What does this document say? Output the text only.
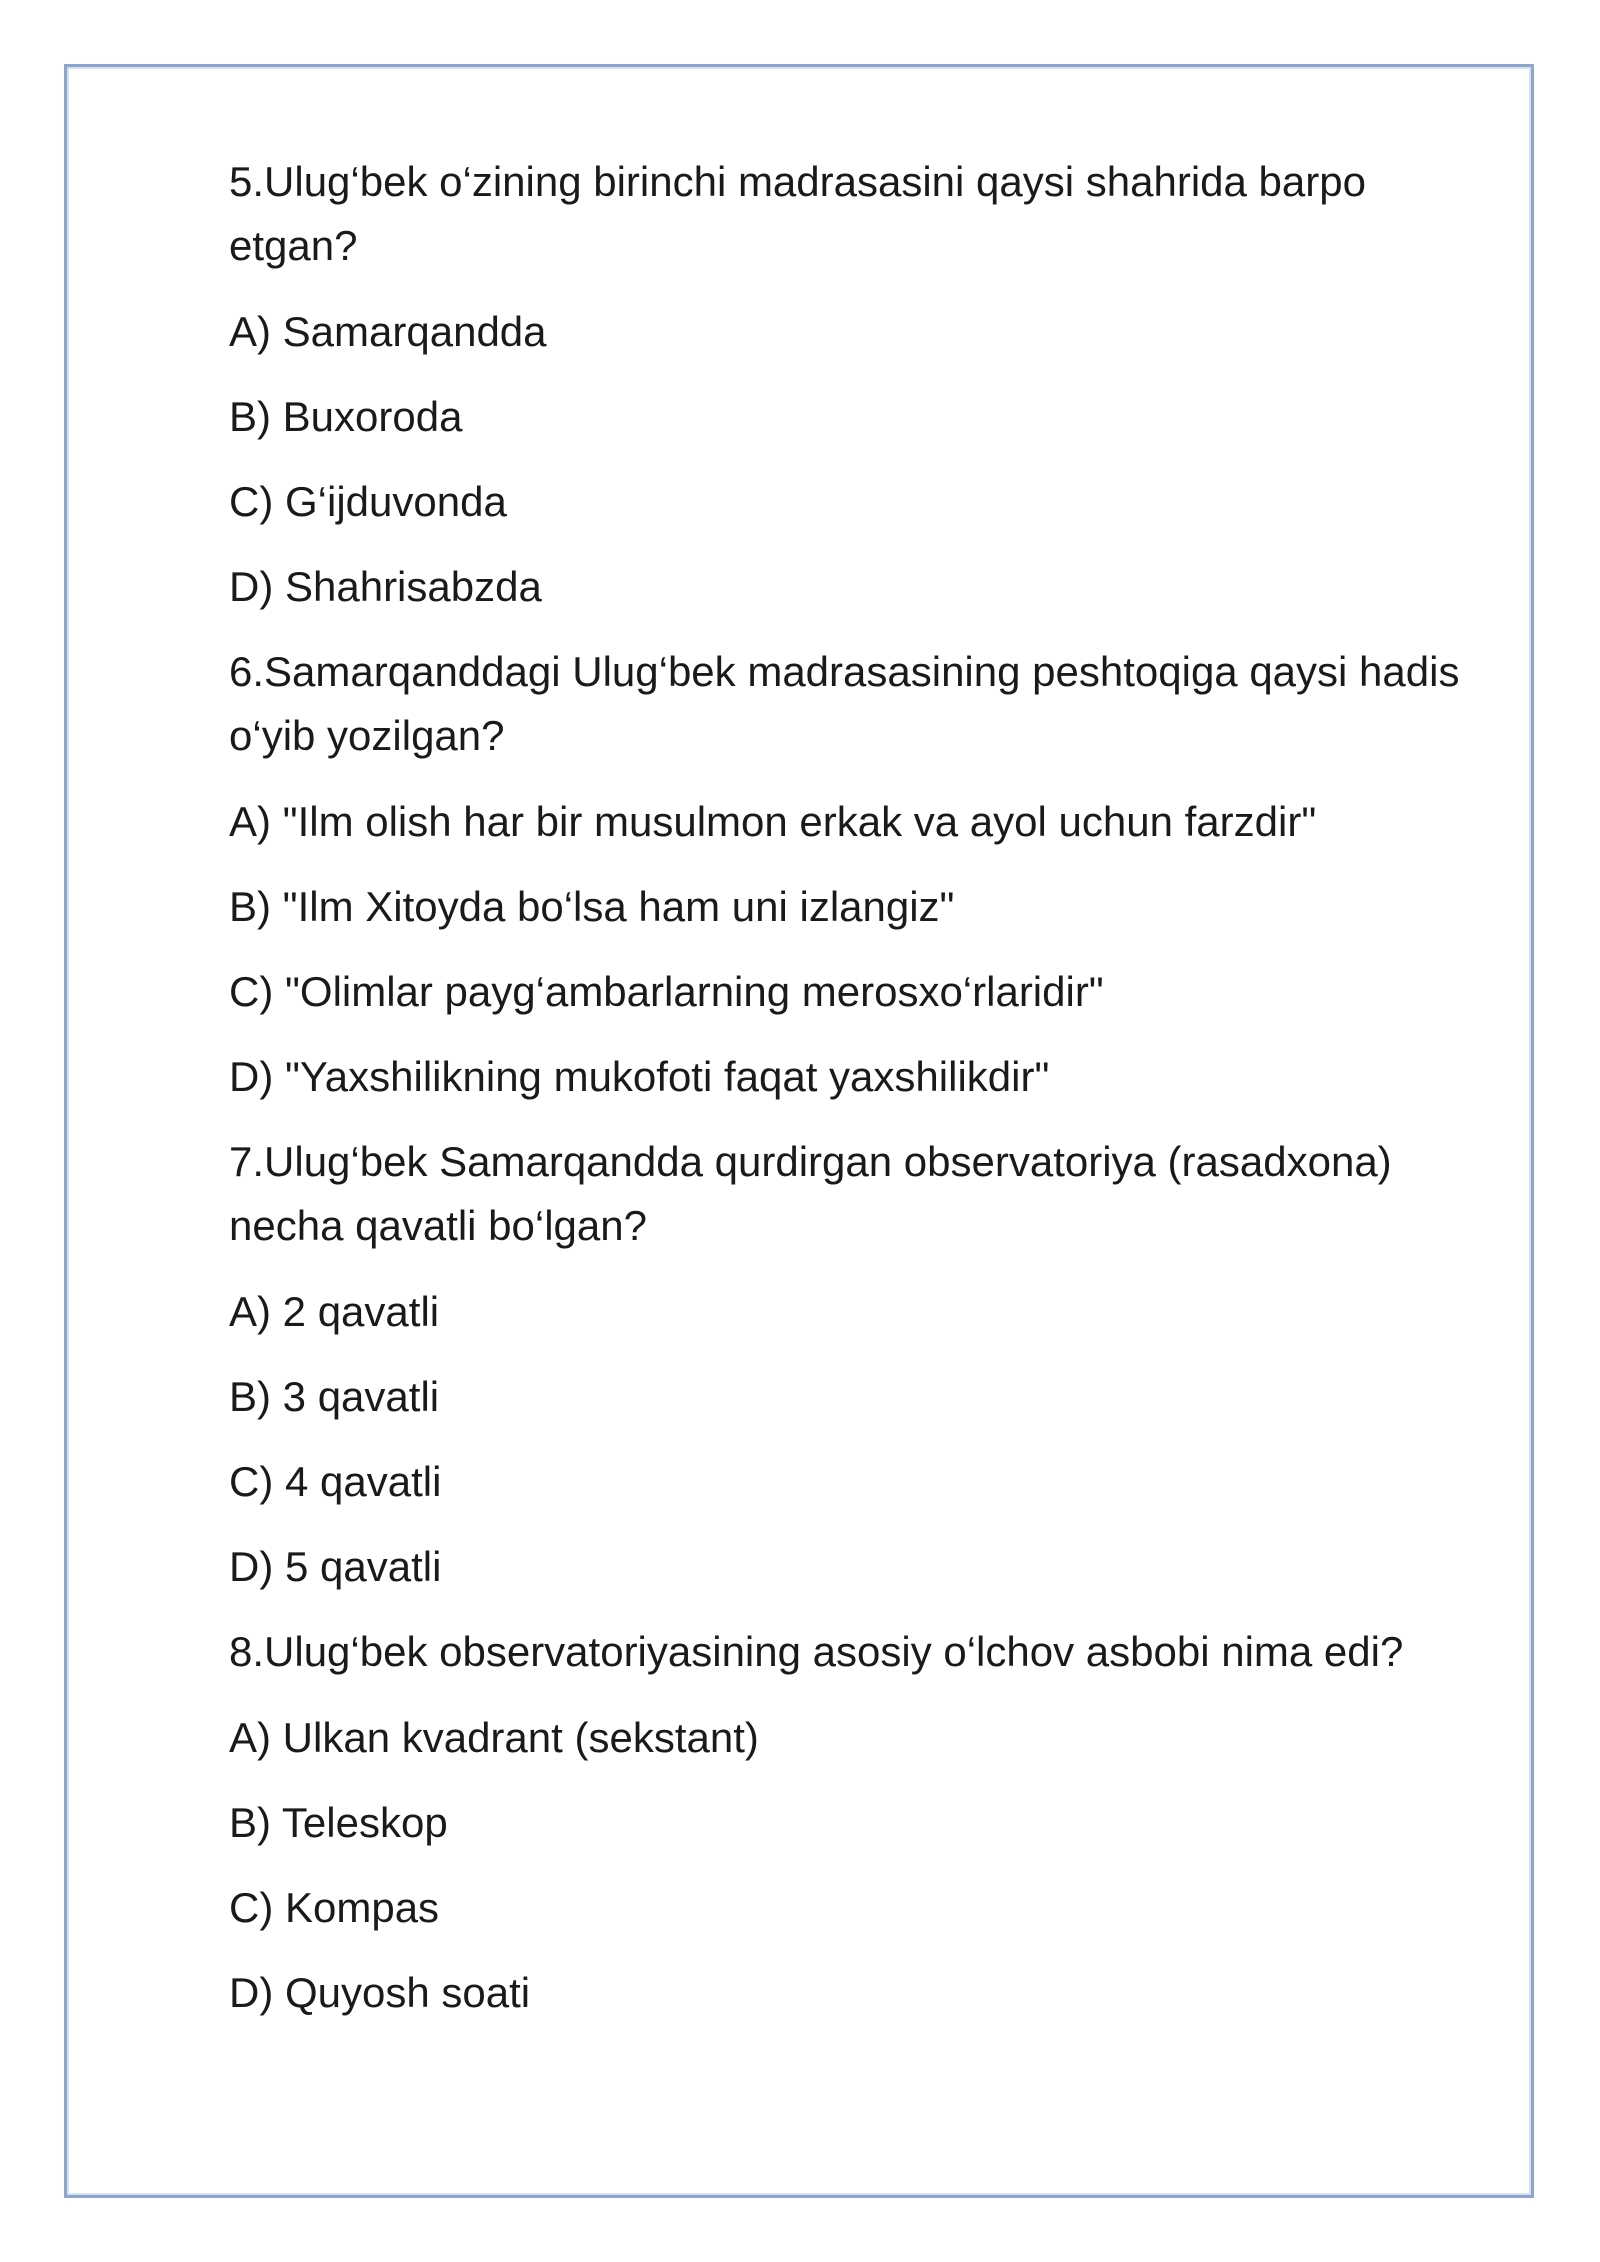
5.Ulug‘bek o‘zining birinchi madrasasini qaysi shahrida barpo etgan?
A) Samarqandda
B) Buxoroda
C) G‘ijduvonda
D) Shahrisabzda
6.Samarqanddagi Ulug‘bek madrasasining peshtoqiga qaysi hadis o‘yib yozilgan?
A) "Ilm olish har bir musulmon erkak va ayol uchun farzdir"
B) "Ilm Xitoyda bo‘lsa ham uni izlangiz"
C) "Olimlar payg‘ambarlarning merosxo‘rlaridir"
D) "Yaxshilikning mukofoti faqat yaxshilikdir"
7.Ulug‘bek Samarqandda qurdirgan observatoriya (rasadxona) necha qavatli bo‘lgan?
A) 2 qavatli
B) 3 qavatli
C) 4 qavatli
D) 5 qavatli
8.Ulug‘bek observatoriyasining asosiy o‘lchov asbobi nima edi?
A) Ulkan kvadrant (sekstant)
B) Teleskop
C) Kompas
D) Quyosh soati
